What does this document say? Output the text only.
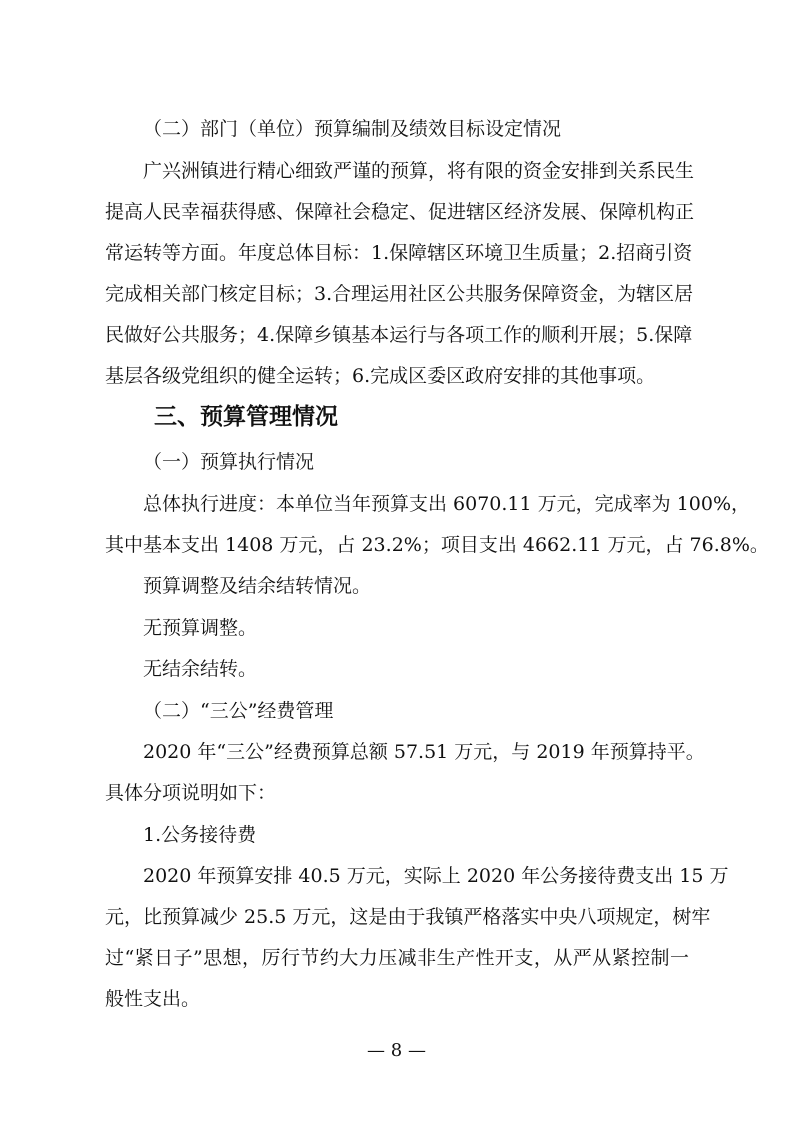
（二）部门（单位）预算编制及绩效目标设定情况
广兴洲镇进行精心细致严谨的预算，将有限的资金安排到关系民生
提高人民幸福获得感、保障社会稳定、促进辖区经济发展、保障机构正
常运转等方面。年度总体目标：1.保障辖区环境卫生质量；2.招商引资
完成相关部门核定目标；3.合理运用社区公共服务保障资金，为辖区居
民做好公共服务；4.保障乡镇基本运行与各项工作的顺利开展；5.保障
基层各级党组织的健全运转；6.完成区委区政府安排的其他事项。
三、预算管理情况
（一）预算执行情况
总体执行进度：本单位当年预算支出 6070.11 万元，完成率为 100%，
其中基本支出 1408 万元，占 23.2%；项目支出 4662.11 万元，占 76.8%。
预算调整及结余结转情况。
无预算调整。
无结余结转。
（二）“三公”经费管理
2020 年“三公”经费预算总额 57.51 万元，与 2019 年预算持平。
具体分项说明如下：
1.公务接待费
2020 年预算安排 40.5 万元，实际上 2020 年公务接待费支出 15 万
元，比预算减少 25.5 万元，这是由于我镇严格落实中央八项规定，树牢
过“紧日子”思想，厉行节约大力压减非生产性开支，从严从紧控制一
般性支出。
— 8 —
